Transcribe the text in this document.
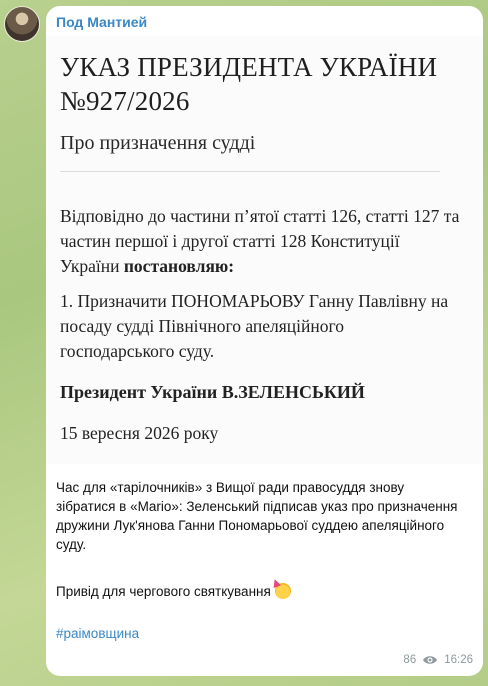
Под Мантией
УКАЗ ПРЕЗИДЕНТА УКРАЇНИ №927/2026
Про призначення судді
Відповідно до частини п’ятої статті 126, статті 127 та частин першої і другої статті 128 Конституції України постановляю:
1. Призначити ПОНОМАРЬОВУ Ганну Павлівну на посаду судді Північного апеляційного господарського суду.
Президент України В.ЗЕЛЕНСЬКИЙ
15 вересня 2026 року
Час для «тарілочників» з Вищої ради правосуддя знову зібратися в «Mario»: Зеленський підписав указ про призначення дружини Лук'янова Ганни Пономарьової суддею апеляційного суду.
Привід для чергового святкування
#раімовщина
86 16:26
